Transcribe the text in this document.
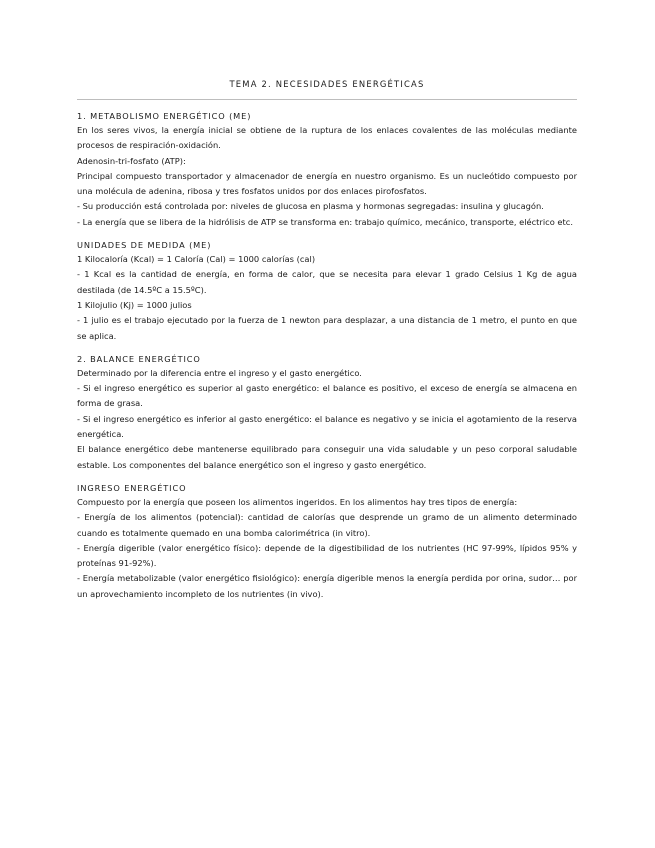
TEMA 2. NECESIDADES ENERGÉTICAS

1. METABOLISMO ENERGÉTICO (ME)

En los seres vivos, la energía inicial se obtiene de la ruptura de los enlaces covalentes de las moléculas mediante procesos de respiración-oxidación.

Adenosin-tri-fosfato (ATP):

Principal compuesto transportador y almacenador de energía en nuestro organismo. Es un nucleótido compuesto por una molécula de adenina, ribosa y tres fosfatos unidos por dos enlaces pirofosfatos.

- Su producción está controlada por: niveles de glucosa en plasma y hormonas segregadas: insulina y glucagón.

- La energía que se libera de la hidrólisis de ATP se transforma en: trabajo químico, mecánico, transporte, eléctrico etc.

UNIDADES DE MEDIDA (ME)

1 Kilocaloría (Kcal) = 1 Caloría (Cal) = 1000 calorías (cal)

- 1 Kcal es la cantidad de energía, en forma de calor, que se necesita para elevar 1 grado Celsius 1 Kg de agua destilada (de 14.5ºC a 15.5ºC).

1 Kilojulio (Kj) = 1000 julios

- 1 julio es el trabajo ejecutado por la fuerza de 1 newton para desplazar, a una distancia de 1 metro, el punto en que se aplica.

2. BALANCE ENERGÉTICO

Determinado por la diferencia entre el ingreso y el gasto energético.

- Si el ingreso energético es superior al gasto energético: el balance es positivo, el exceso de energía se almacena en forma de grasa.

- Si el ingreso energético es inferior al gasto energético: el balance es negativo y se inicia el agotamiento de la reserva energética.

El balance energético debe mantenerse equilibrado para conseguir una vida saludable y un peso corporal saludable estable. Los componentes del balance energético son el ingreso y gasto energético.

INGRESO ENERGÉTICO

Compuesto por la energía que poseen los alimentos ingeridos. En los alimentos hay tres tipos de energía:

- Energía de los alimentos (potencial): cantidad de calorías que desprende un gramo de un alimento determinado cuando es totalmente quemado en una bomba calorimétrica (in vitro).

- Energía digerible (valor energético físico): depende de la digestibilidad de los nutrientes (HC 97-99%, lípidos 95% y proteínas 91-92%).

- Energía metabolizable (valor energético fisiológico): energía digerible menos la energía perdida por orina, sudor… por un aprovechamiento incompleto de los nutrientes (in vivo).
